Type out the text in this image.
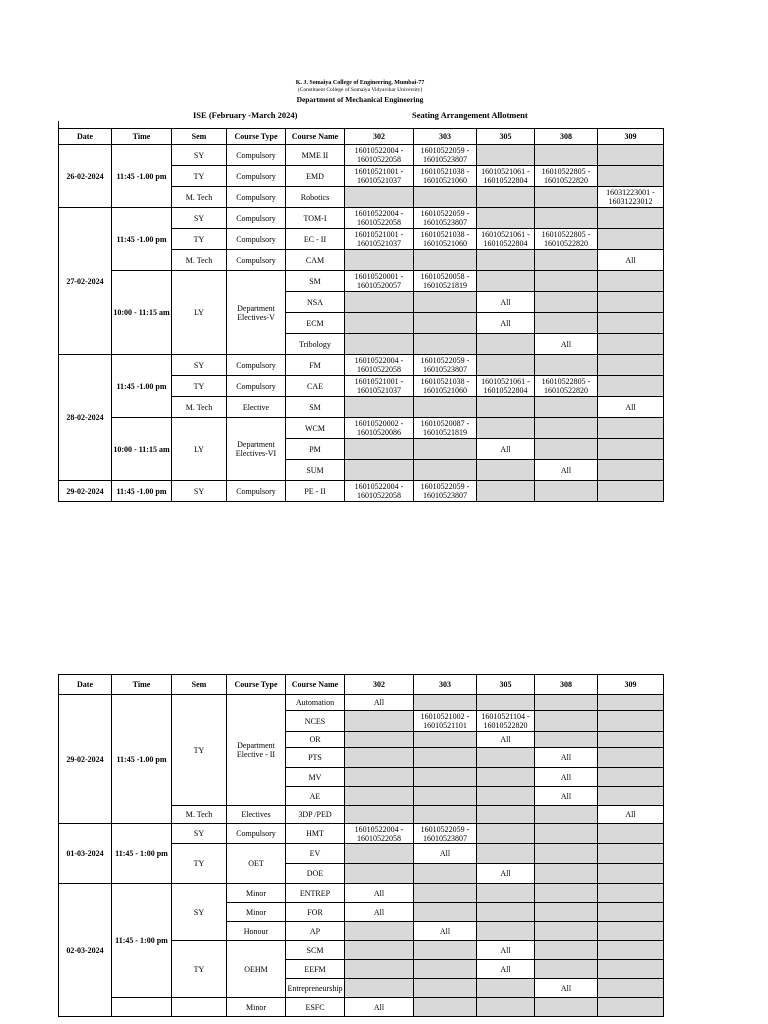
K. J. Somaiya College of Engineering, Mumbai-77
(Constituent College of Somaiya Vidyavihar University)
Department of Mechanical Engineering
ISE (February -March 2024)	Seating Arrangement Allotment
Date	Time	Sem	Course Type	Course Name	302	303	305	308	309
26-02-2024	11:45 -1.00 pm	SY	Compulsory	MME II	16010522004 - 16010522058	16010522059 - 16010523807			
		TY	Compulsory	EMD	16010521001 - 16010521037	16010521038 - 16010521060	16010521061 - 16010522804	16010522805 - 16010522820	
		M. Tech	Compulsory	Robotics					16031223001 - 16031223012
27-02-2024	11:45 -1.00 pm	SY	Compulsory	TOM-I	16010522004 - 16010522058	16010522059 - 16010523807			
		TY	Compulsory	EC - II	16010521001 - 16010521037	16010521038 - 16010521060	16010521061 - 16010522804	16010522805 - 16010522820	
		M. Tech	Compulsory	CAM					All
	10:00 - 11:15 am	LY	Department Electives-V	SM	16010520001 - 16010520057	16010520058 - 16010521819			
				NSA			All		
				ECM			All		
				Tribology				All	
28-02-2024	11:45 -1.00 pm	SY	Compulsory	FM	16010522004 - 16010522058	16010522059 - 16010523807			
		TY	Compulsory	CAE	16010521001 - 16010521037	16010521038 - 16010521060	16010521061 - 16010522804	16010522805 - 16010522820	
		M. Tech	Elective	SM					All
	10:00 - 11:15 am	LY	Department Electives-VI	WCM	16010520002 - 16010520086	16010520087 - 16010521819			
				PM			All		
				SUM				All	
29-02-2024	11:45 -1.00 pm	SY	Compulsory	PE - II	16010522004 - 16010522058	16010522059 - 16010523807			
Date	Time	Sem	Course Type	Course Name	302	303	305	308	309
29-02-2024	11:45 -1.00 pm	TY	Department Elective - II	Automation	All				
				NCES		16010521002 - 16010521101	16010521104 - 16010522820		
				OR			All		
				PTS				All	
				MV				All	
				AE				All	
		M. Tech	Electives	3DP /PED					All
01-03-2024	11:45 - 1:00 pm	SY	Compulsory	HMT	16010522004 - 16010522058	16010522059 - 16010523807			
		TY	OET	EV		All			
				DOE			All		
02-03-2024	11:45 - 1:00 pm	SY	Minor	ENTREP	All				
			Minor	FOR	All				
			Honour	AP		All			
		TY	OEHM	SCM			All		
				EEFM			All		
				Entrepreneurship				All	
			Minor	ESFC	All				
